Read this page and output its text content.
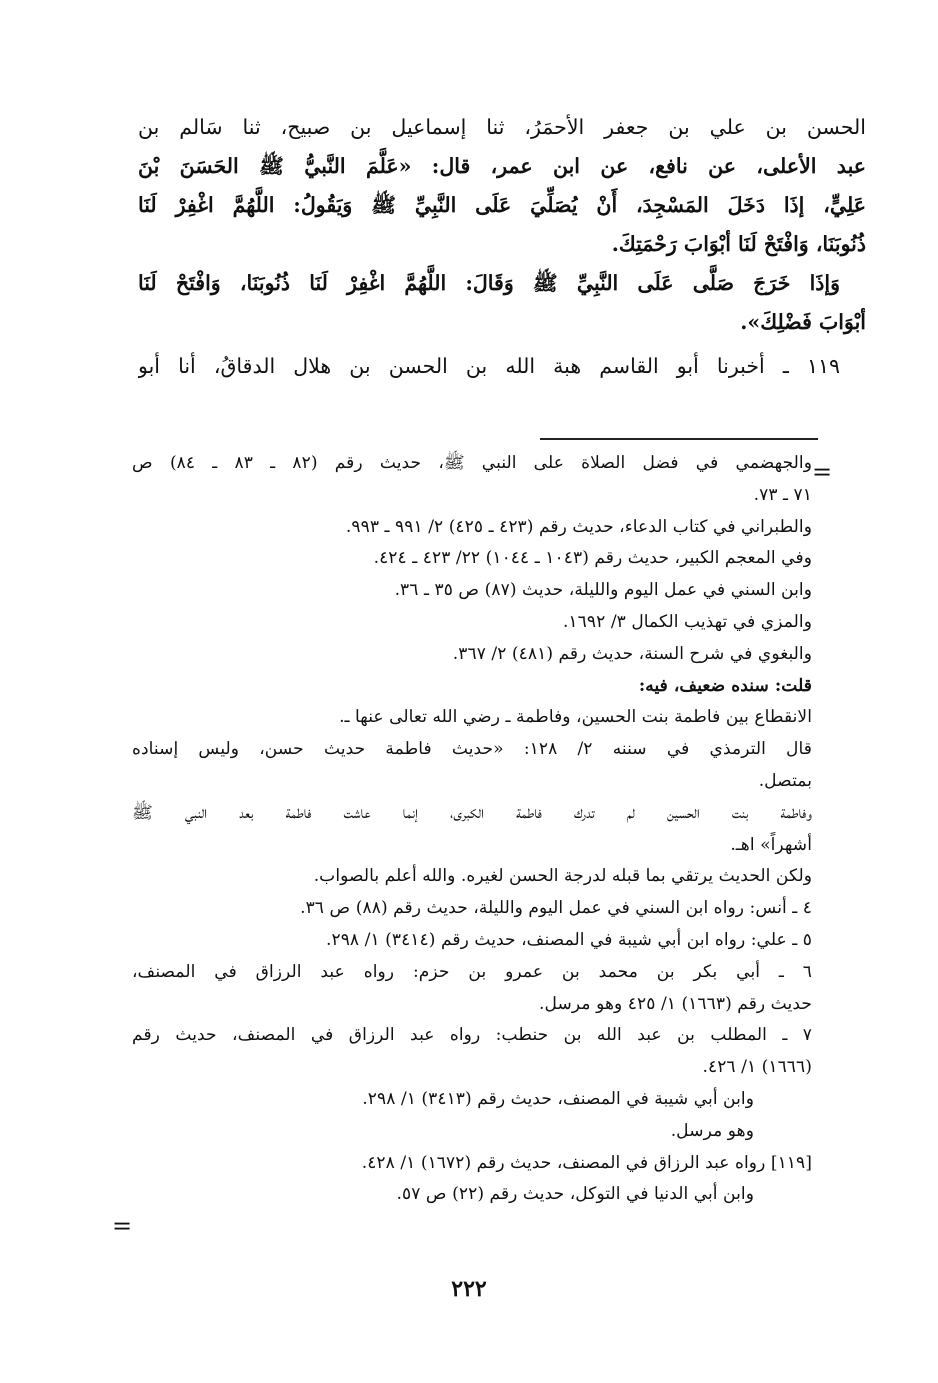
الحسن بن علي بن جعفر الأحمَرُ، ثنا إسماعيل بن صبيح، ثنا سَالم بن
عبد الأعلى، عن نافع، عن ابن عمر، قال: «عَلَّمَ النَّبيُّ ﷺ الحَسَنَ بْنَ
عَلِيٍّ، إذَا دَخَلَ المَسْجِدَ، أَنْ يُصَلِّيَ عَلَى النَّبِيِّ ﷺ وَيَقُولُ: اللَّهُمَّ اغْفِرْ لَنَا
ذُنُوبَنَا، وَافْتَحْ لَنَا أبْوَابَ رَحْمَتِكَ.
وَإذَا خَرَجَ صَلَّى عَلَى النَّبِيِّ ﷺ وَقَالَ: اللَّهُمَّ اغْفِرْ لَنَا ذُنُوبَنَا، وَافْتَحْ لَنَا
أبْوَابَ فَضْلِكَ».
١١٩ ـ أخبرنا أبو القاسم هبة الله بن الحسن بن هلال الدقاقُ، أنا أبو
=
والجهضمي في فضل الصلاة على النبي ﷺ، حديث رقم (٨٢ ـ ٨٣ ـ ٨٤) ص
٧١ ـ ٧٣.
والطبراني في كتاب الدعاء، حديث رقم (٤٢٣ ـ ٤٢٥) ٢/ ٩٩١ ـ ٩٩٣.
وفي المعجم الكبير، حديث رقم (١٠٤٣ ـ ١٠٤٤) ٢٢/ ٤٢٣ ـ ٤٢٤.
وابن السني في عمل اليوم والليلة، حديث (٨٧) ص ٣٥ ـ ٣٦.
والمزي في تهذيب الكمال ٣/ ١٦٩٢.
والبغوي في شرح السنة، حديث رقم (٤٨١) ٢/ ٣٦٧.
قلت: سنده ضعيف، فيه:
الانقطاع بين فاطمة بنت الحسين، وفاطمة ـ رضي الله تعالى عنها ـ.
قال الترمذي في سننه ٢/ ١٢٨: «حديث فاطمة حديث حسن، وليس إسناده
بمتصل.
وفاطمة بنت الحسين لم تدرك فاطمة الكبرى، إنما عاشت فاطمة بعد النبي ﷺ
أشهراً» اهـ.
ولكن الحديث يرتقي بما قبله لدرجة الحسن لغيره. والله أعلم بالصواب.
٤ ـ أنس: رواه ابن السني في عمل اليوم والليلة، حديث رقم (٨٨) ص ٣٦.
٥ ـ علي: رواه ابن أبي شيبة في المصنف، حديث رقم (٣٤١٤) ١/ ٢٩٨.
٦ ـ أبي بكر بن محمد بن عمرو بن حزم: رواه عبد الرزاق في المصنف،
حديث رقم (١٦٦٣) ١/ ٤٢٥ وهو مرسل.
٧ ـ المطلب بن عبد الله بن حنطب: رواه عبد الرزاق في المصنف، حديث رقم
(١٦٦٦) ١/ ٤٢٦.
وابن أبي شيبة في المصنف، حديث رقم (٣٤١٣) ١/ ٢٩٨.
وهو مرسل.
[١١٩] رواه عبد الرزاق في المصنف، حديث رقم (١٦٧٢) ١/ ٤٢٨.
وابن أبي الدنيا في التوكل، حديث رقم (٢٢) ص ٥٧.
=
٢٢٢
